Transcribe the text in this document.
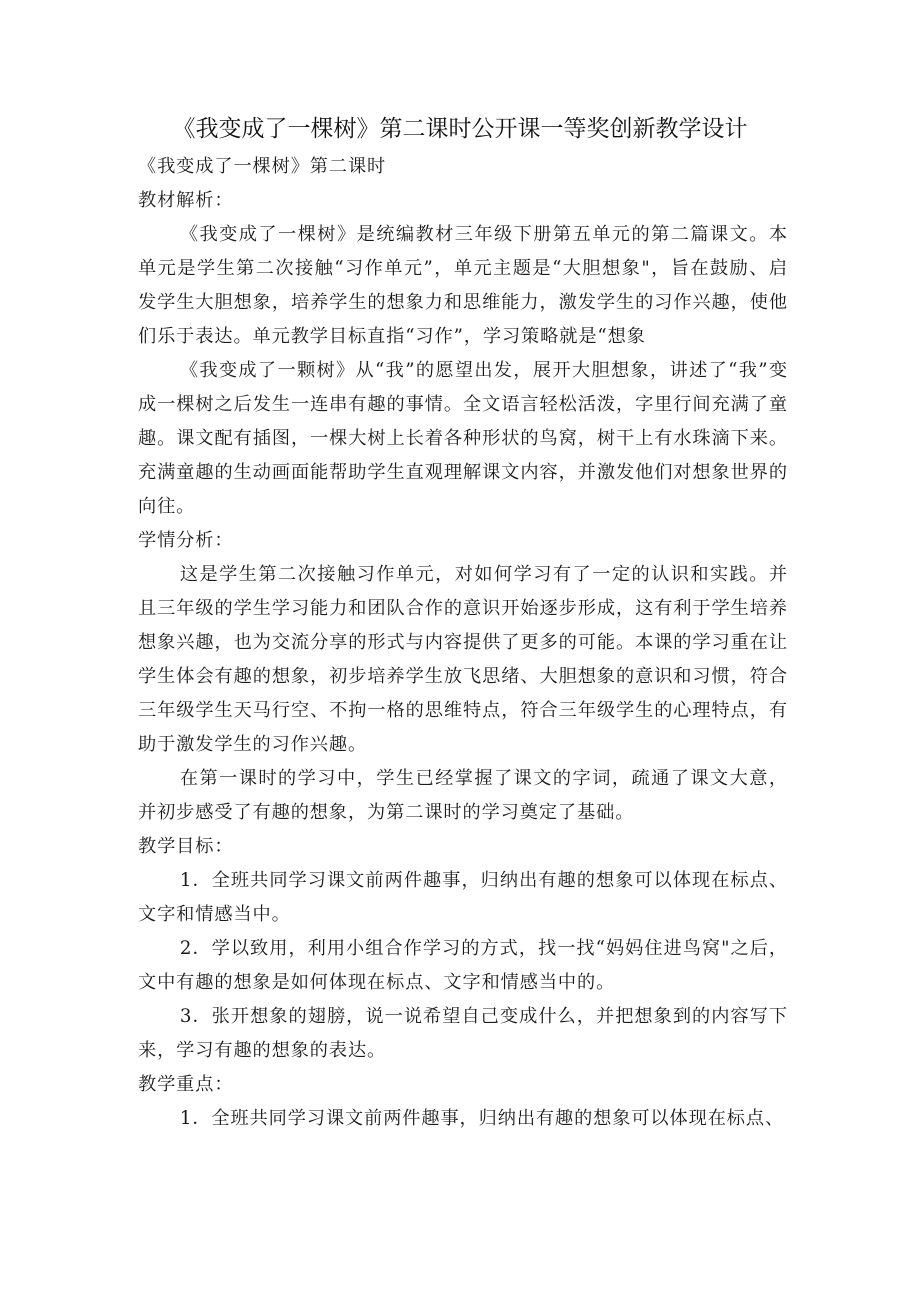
《我变成了一棵树》第二课时公开课一等奖创新教学设计

《我变成了一棵树》第二课时

教材解析：

《我变成了一棵树》是统编教材三年级下册第五单元的第二篇课文。本单元是学生第二次接触“习作单元”，单元主题是“大胆想象"，旨在鼓励、启发学生大胆想象，培养学生的想象力和思维能力，激发学生的习作兴趣，使他们乐于表达。单元教学目标直指“习作”，学习策略就是“想象

《我变成了一颗树》从“我”的愿望出发，展开大胆想象，讲述了“我”变成一棵树之后发生一连串有趣的事情。全文语言轻松活泼，字里行间充满了童趣。课文配有插图，一棵大树上长着各种形状的鸟窝，树干上有水珠滴下来。充满童趣的生动画面能帮助学生直观理解课文内容，并激发他们对想象世界的向往。

学情分析：

这是学生第二次接触习作单元，对如何学习有了一定的认识和实践。并且三年级的学生学习能力和团队合作的意识开始逐步形成，这有利于学生培养想象兴趣，也为交流分享的形式与内容提供了更多的可能。本课的学习重在让学生体会有趣的想象，初步培养学生放飞思绪、大胆想象的意识和习惯，符合三年级学生天马行空、不拘一格的思维特点，符合三年级学生的心理特点，有助于激发学生的习作兴趣。

在第一课时的学习中，学生已经掌握了课文的字词，疏通了课文大意，并初步感受了有趣的想象，为第二课时的学习奠定了基础。

教学目标：

1．全班共同学习课文前两件趣事，归纳出有趣的想象可以体现在标点、文字和情感当中。

2．学以致用，利用小组合作学习的方式，找一找“妈妈住进鸟窝"之后，文中有趣的想象是如何体现在标点、文字和情感当中的。

3．张开想象的翅膀，说一说希望自己变成什么，并把想象到的内容写下来，学习有趣的想象的表达。

教学重点：

1．全班共同学习课文前两件趣事，归纳出有趣的想象可以体现在标点、
